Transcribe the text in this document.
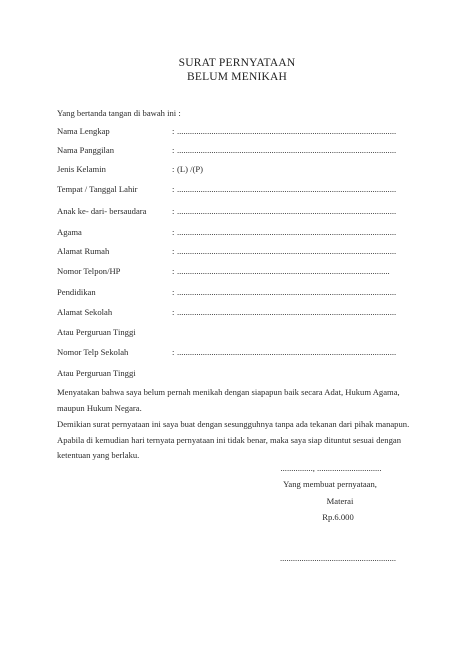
SURAT PERNYATAAN
BELUM MENIKAH
Yang bertanda tangan di bawah ini :
Nama Lengkap	: ......................................................................................................
Nama Panggilan	: ......................................................................................................
Jenis Kelamin	: (L) /(P)
Tempat / Tanggal Lahir	: ......................................................................................................
Anak ke- dari- bersaudara	: ......................................................................................................
Agama	: ......................................................................................................
Alamat Rumah	: ......................................................................................................
Nomor Telpon/HP	: ...................................................................................................
Pendidikan	: ......................................................................................................
Alamat Sekolah	: ......................................................................................................
Atau Perguruan Tinggi
Nomor Telp Sekolah	: ......................................................................................................
Atau Perguruan Tinggi
Menyatakan bahwa saya belum pernah menikah dengan siapapun baik secara Adat, Hukum Agama,
maupun Hukum Negara.
Demikian surat pernyataan ini saya buat dengan sesungguhnya tanpa ada tekanan dari pihak manapun.
Apabila di kemudian hari ternyata pernyataan ini tidak benar, maka saya siap dituntut sesuai dengan
ketentuan yang berlaku.
..............., ..............................
Yang membuat pernyataan,
Materai
Rp.6.000
......................................................
